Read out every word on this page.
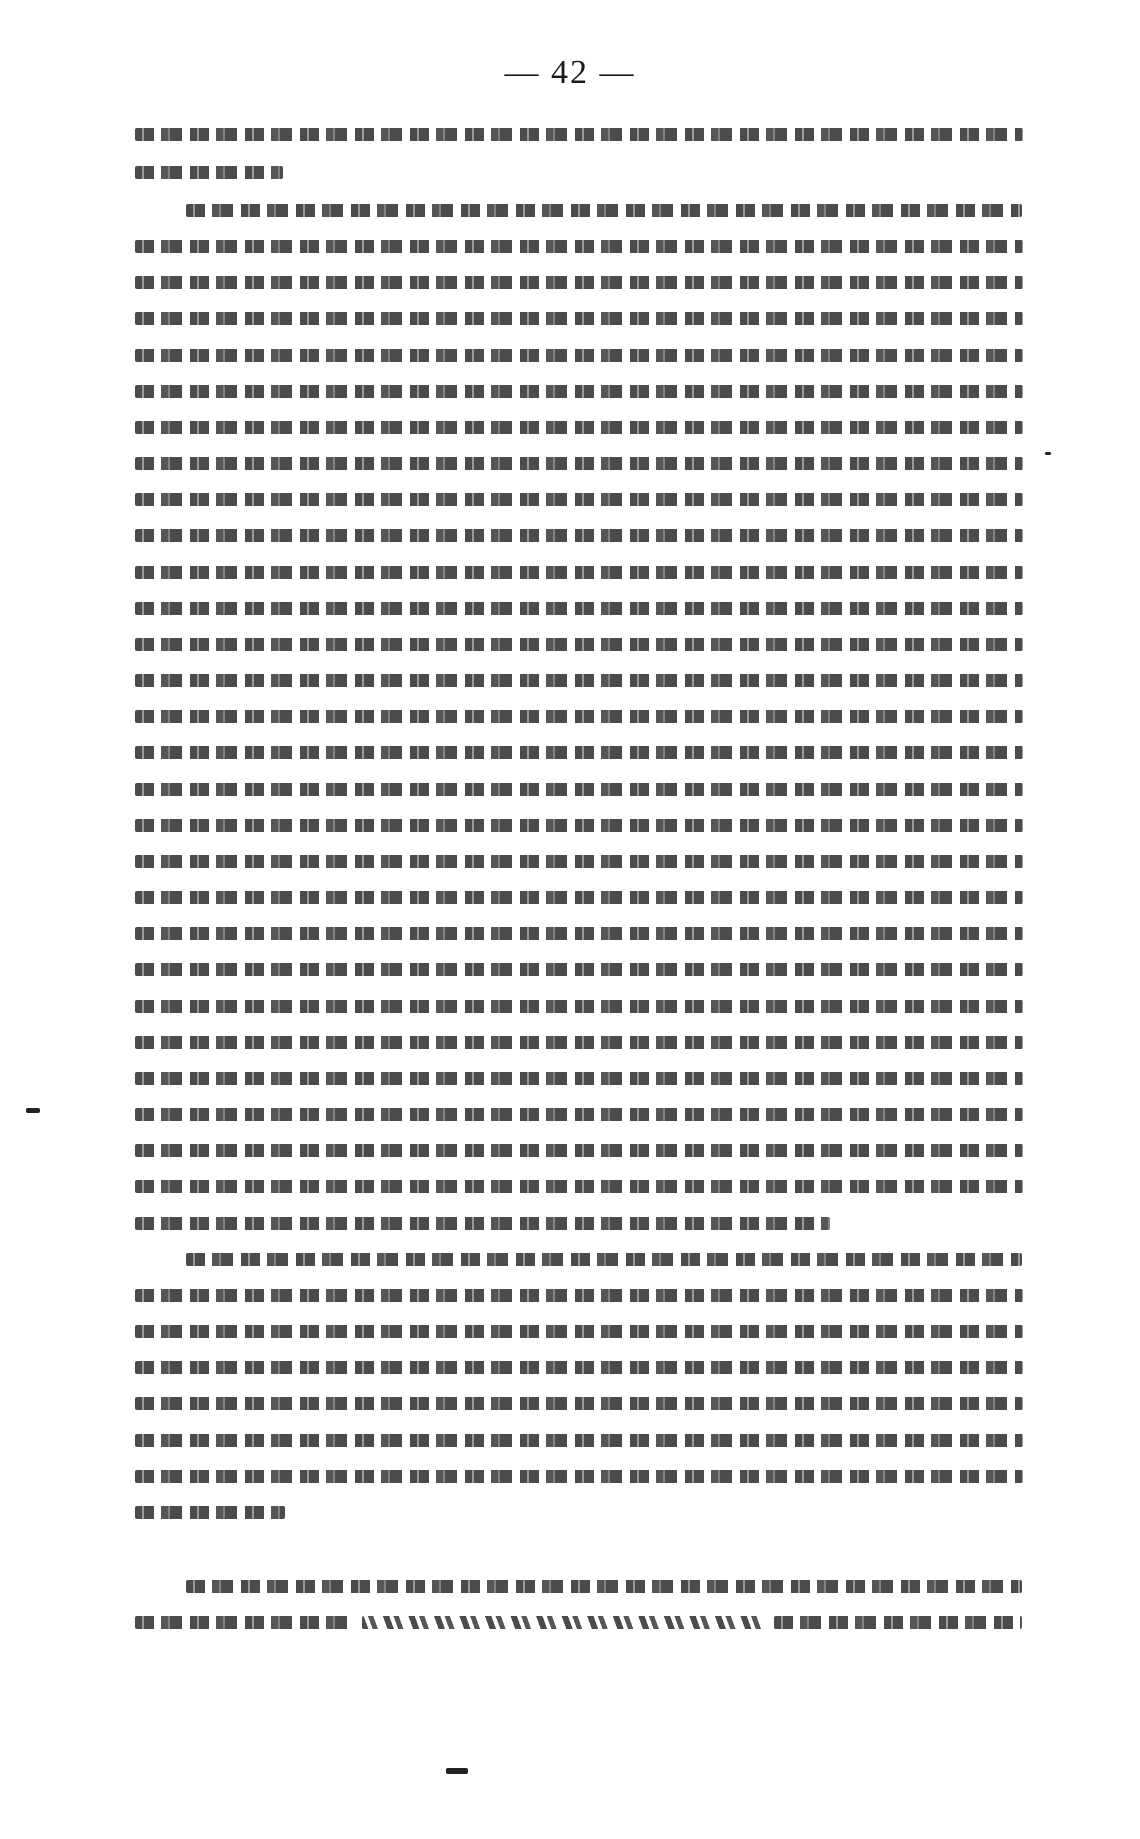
— 42 —
